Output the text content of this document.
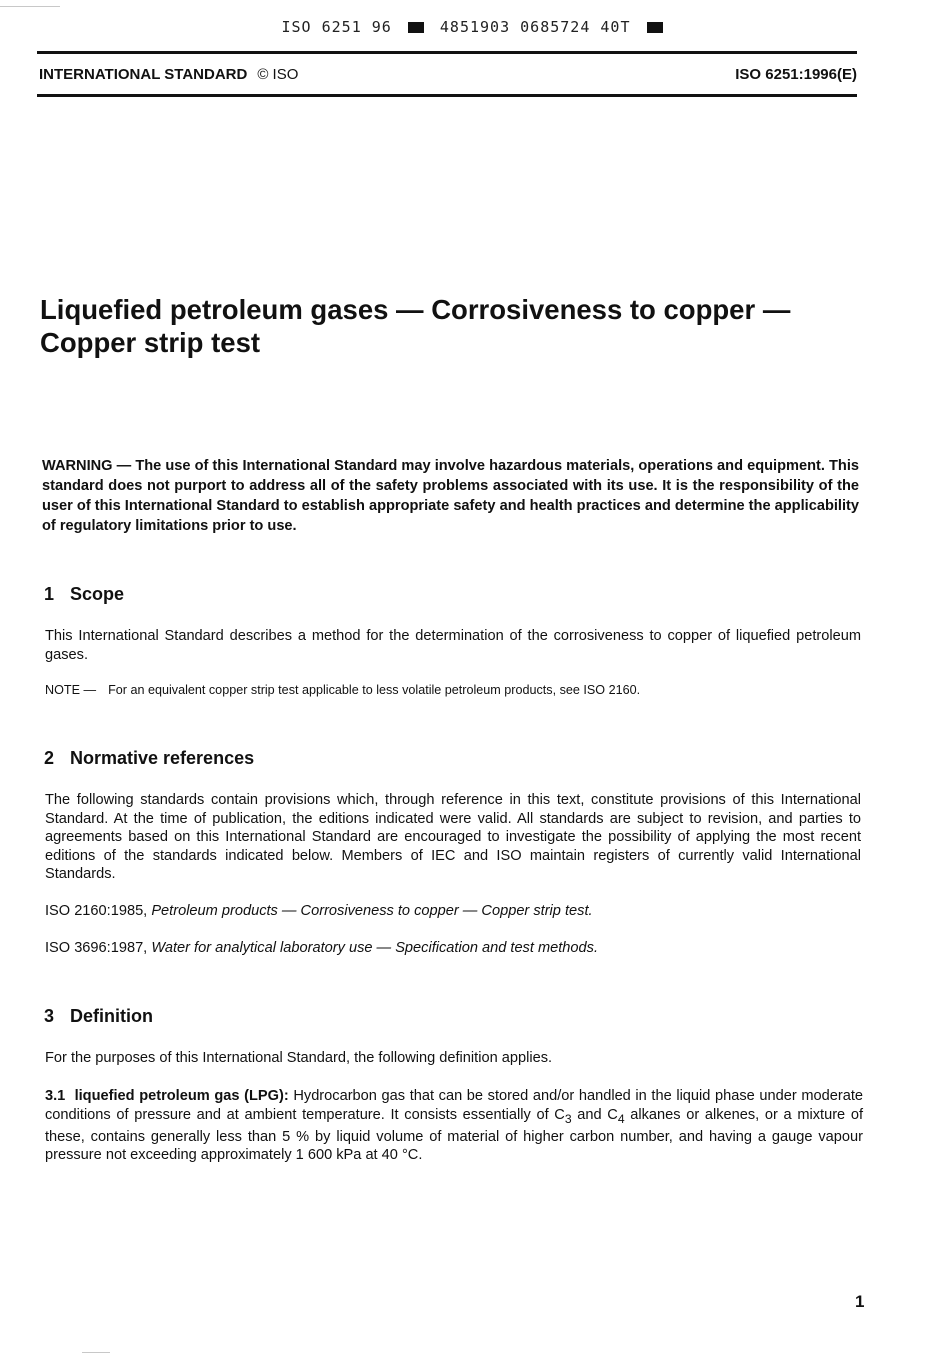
ISO 6251 96	4851903 0685724 40T
INTERNATIONAL STANDARD © ISO	ISO 6251:1996(E)
Liquefied petroleum gases — Corrosiveness to copper —
Copper strip test

WARNING — The use of this International Standard may involve hazardous materials, operations and equipment. This standard does not purport to address all of the safety problems associated with its use. It is the responsibility of the user of this International Standard to establish appropriate safety and health practices and determine the applicability of regulatory limitations prior to use.

1 Scope

This International Standard describes a method for the determination of the corrosiveness to copper of liquefied petroleum gases.

NOTE — For an equivalent copper strip test applicable to less volatile petroleum products, see ISO 2160.

2 Normative references

The following standards contain provisions which, through reference in this text, constitute provisions of this International Standard. At the time of publication, the editions indicated were valid. All standards are subject to revision, and parties to agreements based on this International Standard are encouraged to investigate the possibility of applying the most recent editions of the standards indicated below. Members of IEC and ISO maintain registers of currently valid International Standards.

ISO 2160:1985, Petroleum products — Corrosiveness to copper — Copper strip test.

ISO 3696:1987, Water for analytical laboratory use — Specification and test methods.

3 Definition

For the purposes of this International Standard, the following definition applies.

3.1 liquefied petroleum gas (LPG): Hydrocarbon gas that can be stored and/or handled in the liquid phase under moderate conditions of pressure and at ambient temperature. It consists essentially of $C_3$ and $C_4$ alkanes or alkenes, or a mixture of these, contains generally less than 5 % by liquid volume of material of higher carbon number, and having a gauge vapour pressure not exceeding approximately 1 600 kPa at 40 °C.

1
